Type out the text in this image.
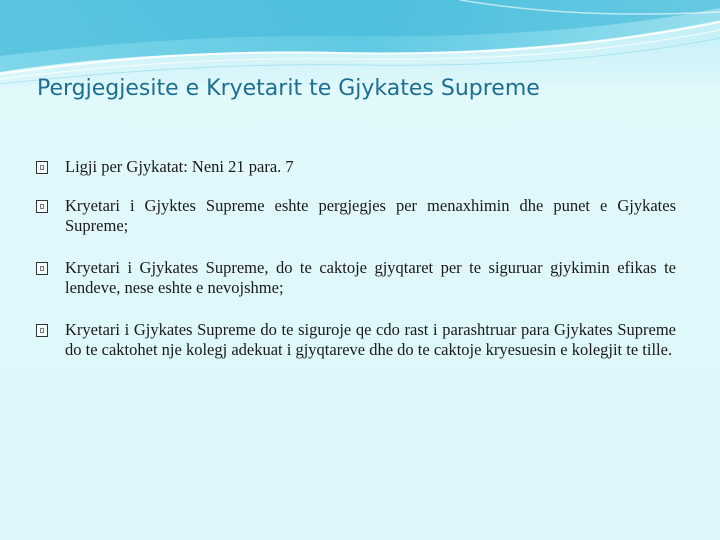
Pergjegjesite e Kryetarit te Gjykates Supreme

Ligji per Gjykatat: Neni 21 para. 7

Kryetari i Gjyktes Supreme eshte pergjegjes per menaxhimin dhe punet e Gjykates Supreme;

Kryetari i Gjykates Supreme, do te caktoje gjyqtaret per te siguruar gjykimin efikas te lendeve, nese eshte e nevojshme;

Kryetari i Gjykates Supreme do te siguroje qe cdo rast i parashtruar para Gjykates Supreme do te caktohet nje kolegj adekuat i gjyqtareve dhe do te caktoje kryesuesin e kolegjit te tille.
